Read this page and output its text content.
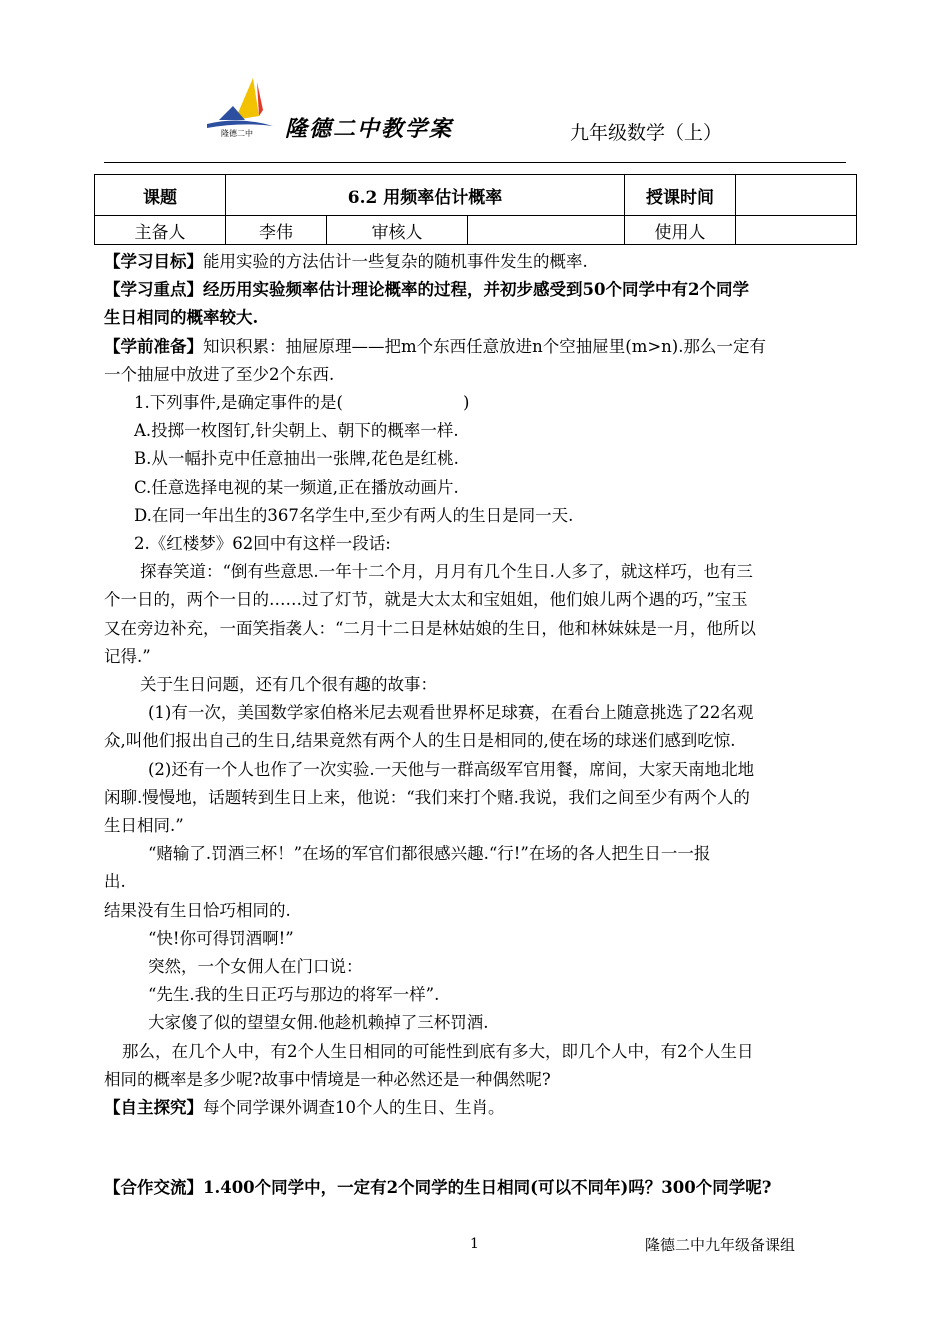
隆德二中 隆德二中教学案	九年级数学（上）
课题	6.2 用频率估计概率			授课时间	
主备人	李伟	审核人		使用人	

【学习目标】能用实验的方法估计一些复杂的随机事件发生的概率.

【学习重点】经历用实验频率估计理论概率的过程，并初步感受到50个同学中有2个同学

生日相同的概率较大.

【学前准备】知识积累：抽屉原理——把m个东西任意放进n个空抽屉里(m>n).那么一定有

一个抽屉中放进了至少2个东西.

1.下列事件,是确定事件的是(	)

A.投掷一枚图钉,针尖朝上、朝下的概率一样.

B.从一幅扑克中任意抽出一张牌,花色是红桃.

C.任意选择电视的某一频道,正在播放动画片.

D.在同一年出生的367名学生中,至少有两人的生日是同一天.

2.《红楼梦》62回中有这样一段话:

探春笑道：“倒有些意思.一年十二个月，月月有几个生日.人多了，就这样巧，也有三

个一日的，两个一日的……过了灯节，就是大太太和宝姐姐，他们娘儿两个遇的巧，”宝玉

又在旁边补充，一面笑指袭人：“二月十二日是林姑娘的生日，他和林妹妹是一月，他所以

记得.”

关于生日问题，还有几个很有趣的故事：

(1)有一次，美国数学家伯格米尼去观看世界杯足球赛，在看台上随意挑选了22名观

众,叫他们报出自己的生日,结果竟然有两个人的生日是相同的,使在场的球迷们感到吃惊.

(2)还有一个人也作了一次实验.一天他与一群高级军官用餐，席间，大家天南地北地

闲聊.慢慢地，话题转到生日上来，他说：“我们来打个赌.我说，我们之间至少有两个人的

生日相同.”

“赌输了.罚酒三杯！”在场的军官们都很感兴趣.“行!”在场的各人把生日一一报

出.

结果没有生日恰巧相同的.

“快!你可得罚酒啊!”

突然，一个女佣人在门口说：

“先生.我的生日正巧与那边的将军一样”.

大家傻了似的望望女佣.他趁机赖掉了三杯罚酒.

那么，在几个人中，有2个人生日相同的可能性到底有多大，即几个人中，有2个人生日

相同的概率是多少呢?故事中情境是一种必然还是一种偶然呢?

【自主探究】每个同学课外调查10个人的生日、生肖。

【合作交流】1.400个同学中，一定有2个同学的生日相同(可以不同年)吗？300个同学呢?

1	隆德二中九年级备课组
